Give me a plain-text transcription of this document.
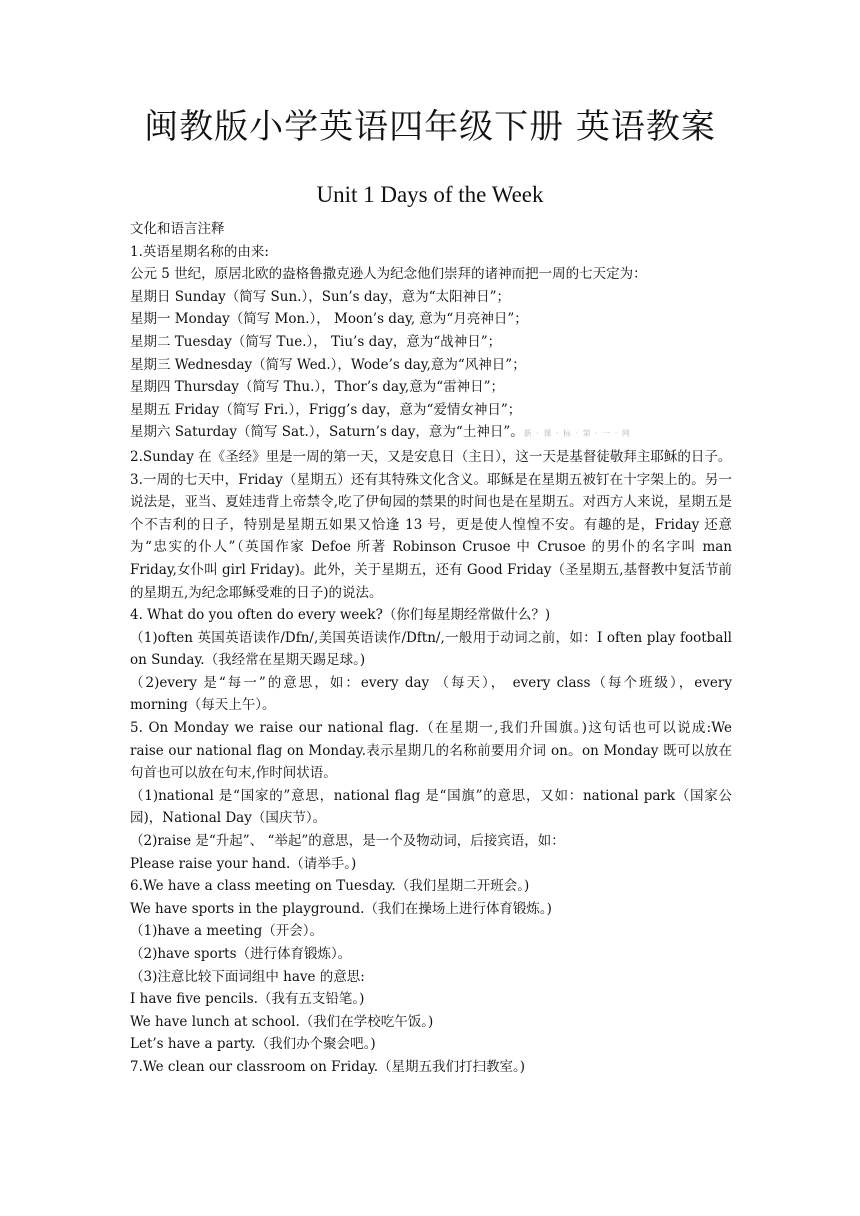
闽教版小学英语四年级下册 英语教案
Unit 1 Days of the Week

文化和语言注释

1.英语星期名称的由来:

公元 5 世纪，原居北欧的盎格鲁撒克逊人为纪念他们崇拜的诸神而把一周的七天定为：

星期日 Sunday（简写 Sun.），Sun’s day，意为“太阳神日”；

星期一 Monday（简写 Mon.）， Moon’s day, 意为“月亮神日”；

星期二 Tuesday（简写 Tue.）， Tiu’s day，意为“战神日”；

星期三 Wednesday（简写 Wed.），Wode’s day,意为“风神日”；

星期四 Thursday（简写 Thu.），Thor’s day,意为“雷神日”；

星期五 Friday（简写 Fri.），Frigg’s day，意为“爱情女神日”；

星期六 Saturday（简写 Sat.），Saturn’s day，意为“土神日”。新 · 课 · 标 · 第 · 一 · 网

2.Sunday 在《圣经》里是一周的第一天，又是安息日（主日），这一天是基督徒敬拜主耶稣的日子。

3.一周的七天中，Friday（星期五）还有其特殊文化含义。耶稣是在星期五被钉在十字架上的。另一说法是，亚当、夏娃违背上帝禁令,吃了伊甸园的禁果的时间也是在星期五。对西方人来说，星期五是个不吉利的日子，特别是星期五如果又恰逢 13 号，更是使人惶惶不安。有趣的是，Friday 还意为“忠实的仆人”（英国作家 Defoe 所著 Robinson Crusoe 中 Crusoe 的男仆的名字叫 man Friday,女仆叫 girl Friday)。此外，关于星期五，还有 Good Friday（圣星期五,基督教中复活节前的星期五,为纪念耶稣受难的日子)的说法。

4. What do you often do every week?（你们每星期经常做什么？)

（1)often 英国英语读作/Dfn/,美国英语读作/Dftn/,一般用于动词之前，如：I often play football on Sunday.（我经常在星期天踢足球。)

（2)every 是“每一”的意思，如：every day （每天）， every class（每个班级），every morning（每天上午）。

5. On Monday we raise our national flag.（在星期一,我们升国旗。)这句话也可以说成:We raise our national flag on Monday.表示星期几的名称前要用介词 on。on Monday 既可以放在句首也可以放在句末,作时间状语。

（1)national 是“国家的”意思，national flag 是“国旗”的意思，又如：national park（国家公园)，National Day（国庆节）。

（2)raise 是“升起”、 “举起”的意思，是一个及物动词，后接宾语，如：

Please raise your hand.（请举手。)

6.We have a class meeting on Tuesday.（我们星期二开班会。)

We have sports in the playground.（我们在操场上进行体育锻炼。)

（1)have a meeting（开会）。

（2)have sports（进行体育锻炼）。

（3)注意比较下面词组中 have 的意思:

I have five pencils.（我有五支铅笔。)

We have lunch at school.（我们在学校吃午饭。)

Let’s have a party.（我们办个聚会吧。)

7.We clean our classroom on Friday.（星期五我们打扫教室。)
